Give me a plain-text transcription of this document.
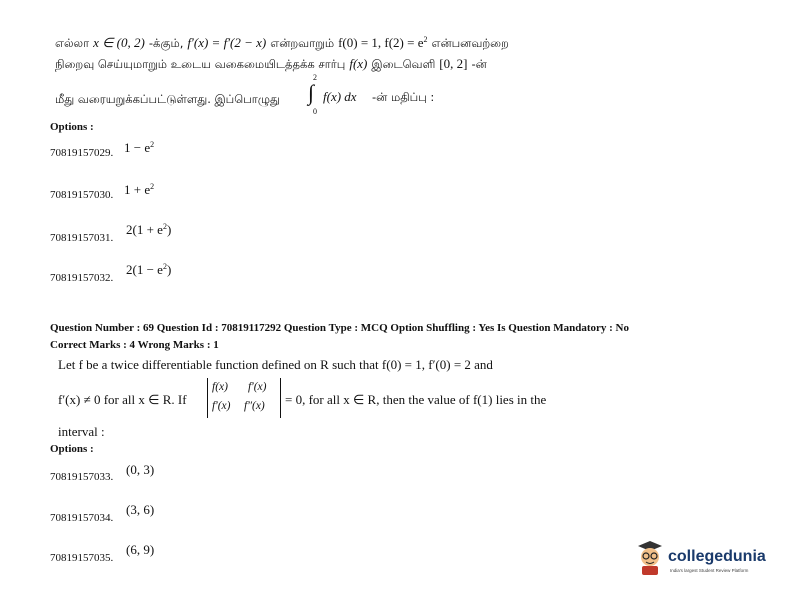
எல்லா x ∈ (0, 2) -க்கும், f′(x) = f′(2 − x) என்றவாறும் f(0) = 1, $f(2) = e^2$ என்பனவற்றை
நிறைவு செய்யுமாறும் உடைய வகைமையிடத்தக்க சார்பு f(x) இடைவெளி [0, 2] -ன்
மீது வரையறுக்கப்பட்டுள்ளது. இப்பொழுது
2
∫
0
f(x) dx -ன் மதிப்பு :
Options :
70819157029. $1 - e^2$
70819157030. $1 + e^2$
70819157031.
$2(1 + e^2)$
70819157032.
$2(1 - e^2)$
Question Number : 69 Question Id : 70819117292 Question Type : MCQ Option Shuffling : Yes Is Question Mandatory : No
Correct Marks : 4 Wrong Marks : 1
Let f be a twice differentiable function defined on R such that f(0) = 1, f′(0) = 2 and
f′(x) ≠ 0 for all x ∈ R. If
f(x) f′(x)
f′(x) f″(x) = 0, for all x ∈ R, then the value of f(1) lies in the
interval :
Options :
70819157033. (0, 3)
70819157034.
(3, 6)
70819157035.
(6, 9)	collegedunia
India's largest Student Review Platform
